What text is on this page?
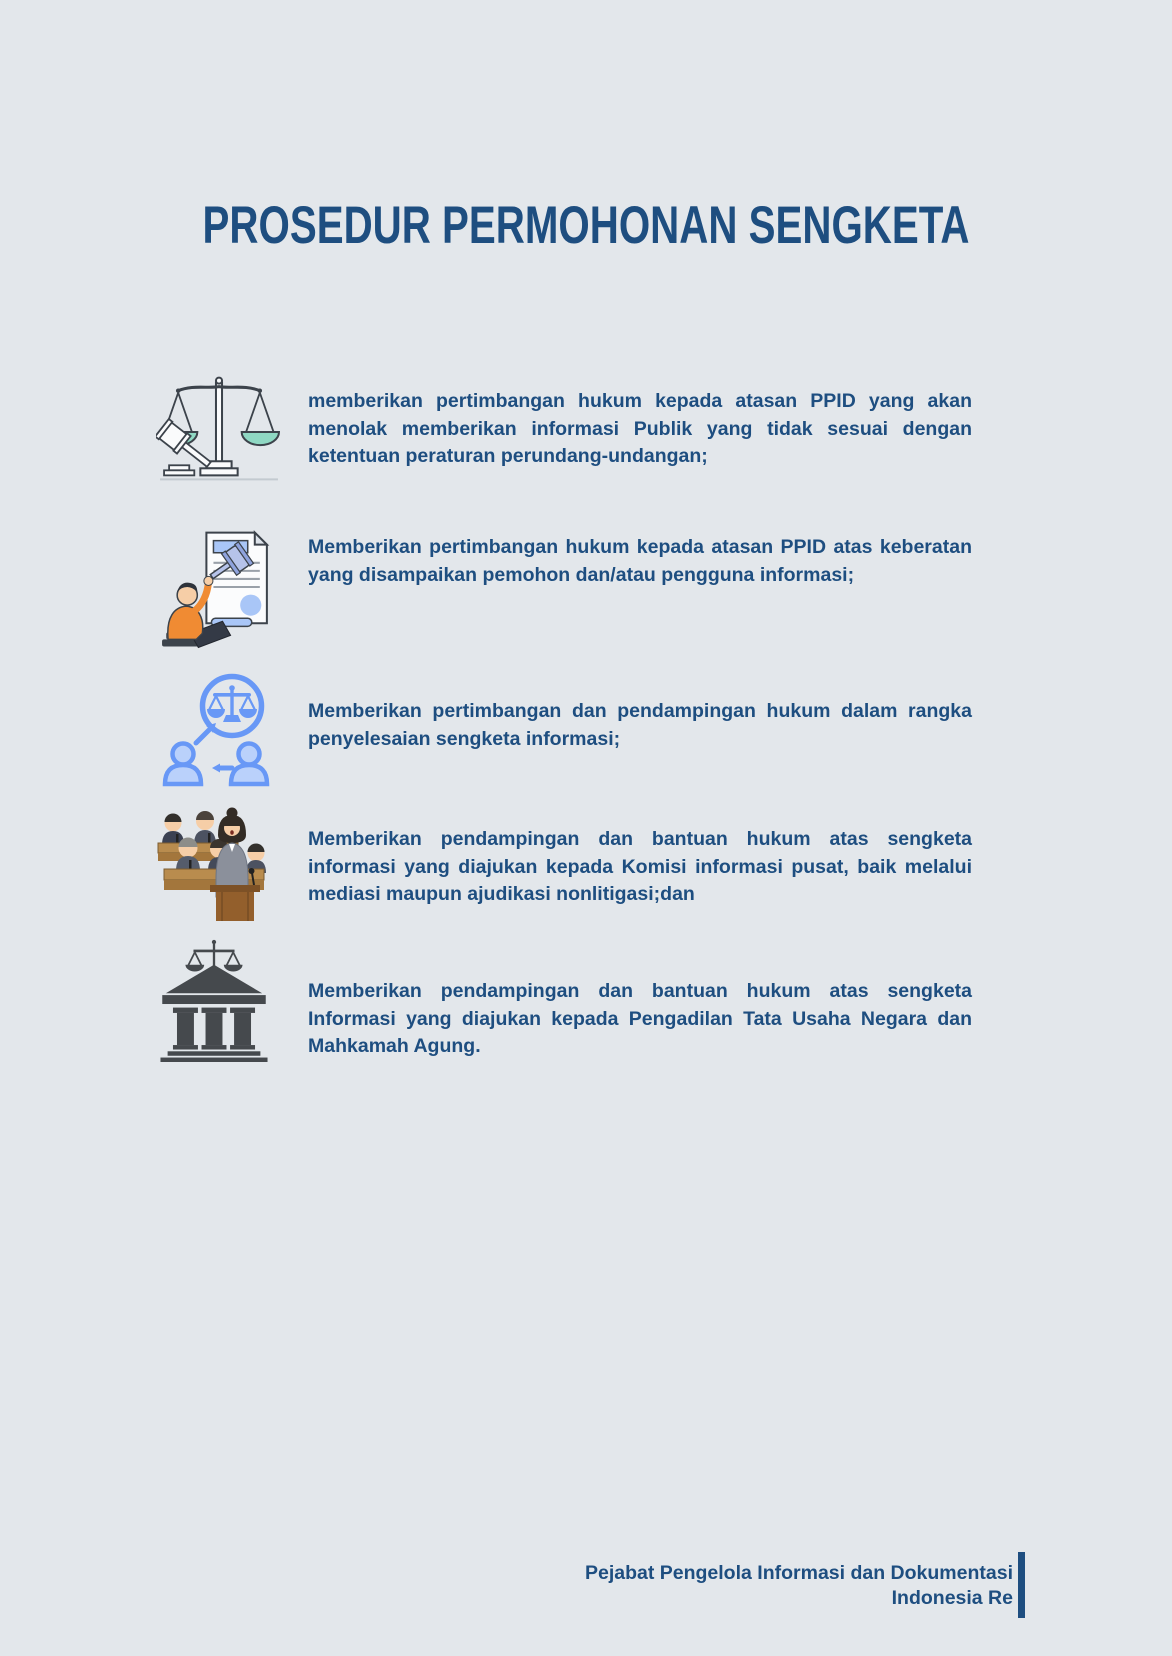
PROSEDUR PERMOHONAN SENGKETA
memberikan pertimbangan hukum kepada atasan PPID yang akan
menolak memberikan informasi Publik yang tidak sesuai dengan
ketentuan peraturan perundang-undangan;
Memberikan pertimbangan hukum kepada atasan PPID atas keberatan
yang disampaikan pemohon dan/atau pengguna informasi;
Memberikan pertimbangan dan pendampingan hukum dalam rangka
penyelesaian sengketa informasi;
Memberikan pendampingan dan bantuan hukum atas sengketa
informasi yang diajukan kepada Komisi informasi pusat, baik melalui
mediasi maupun ajudikasi nonlitigasi;dan
Memberikan pendampingan dan bantuan hukum atas sengketa
Informasi yang diajukan kepada Pengadilan Tata Usaha Negara dan
Mahkamah Agung.
Pejabat Pengelola Informasi dan Dokumentasi
Indonesia Re
